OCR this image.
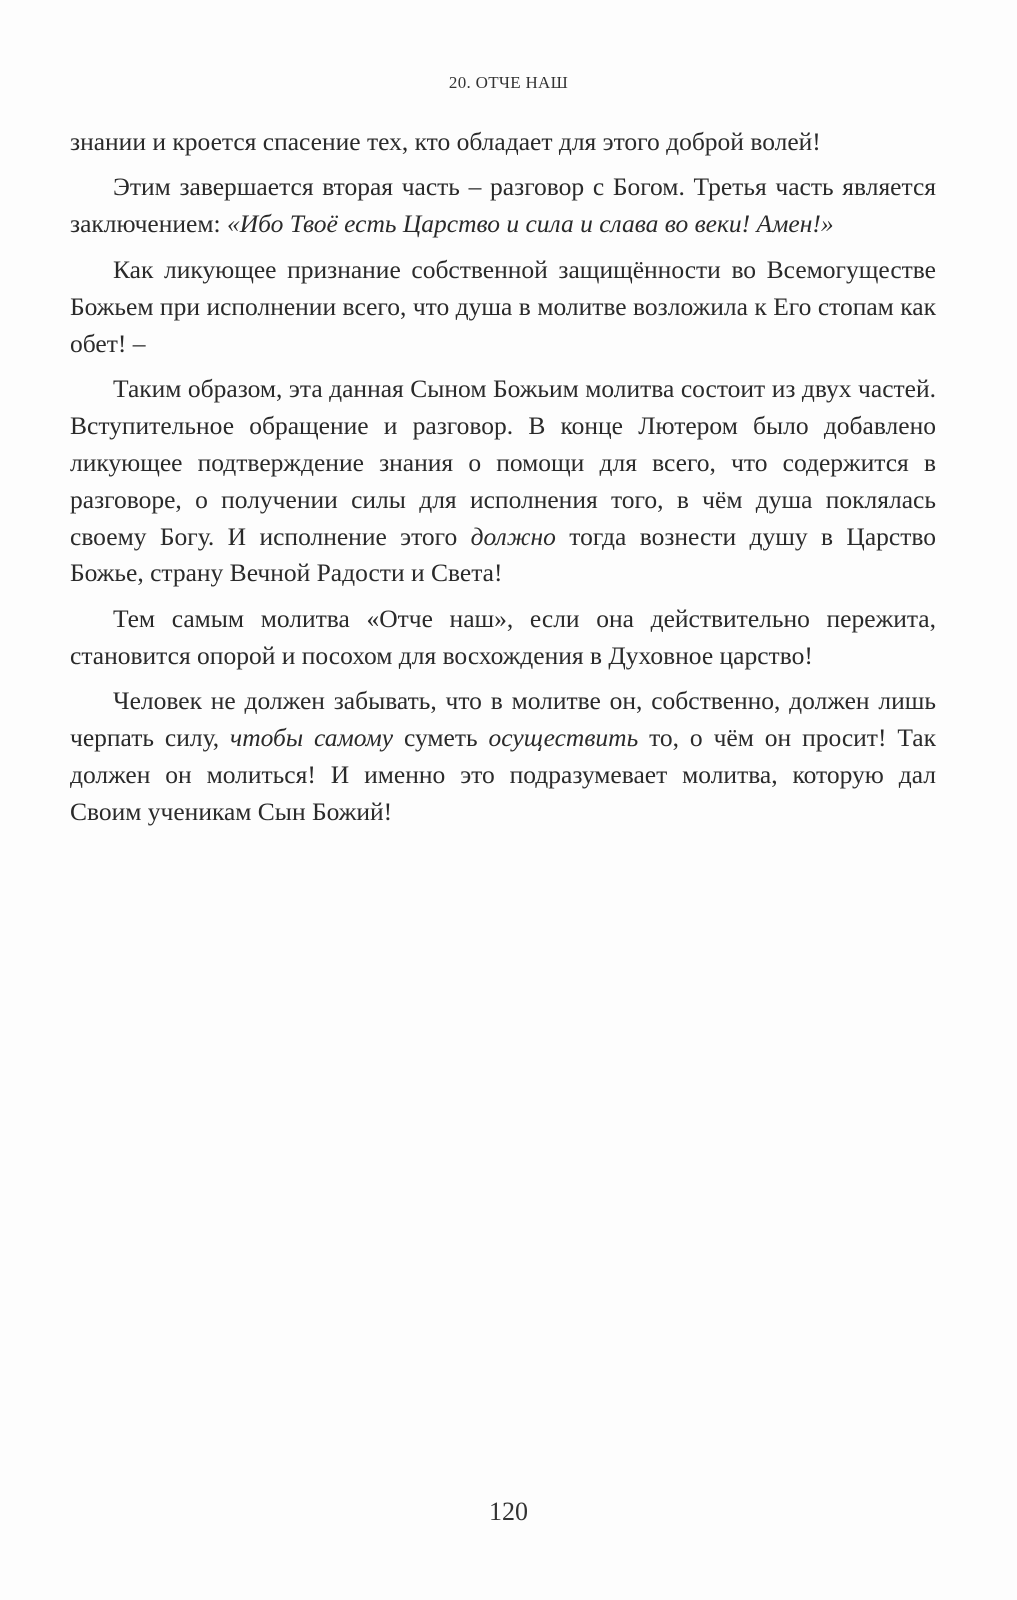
20. ОТЧЕ НАШ

знании и кроется спасение тех, кто обладает для этого доброй волей!

Этим завершается вторая часть – разговор с Богом. Третья часть является заключением: «Ибо Твоё есть Царство и сила и слава во веки! Амен!»

Как ликующее признание собственной защищённости во Всемогуществе Божьем при исполнении всего, что душа в молитве возложила к Его стопам как обет! –

Таким образом, эта данная Сыном Божьим молитва состоит из двух частей. Вступительное обращение и разговор. В конце Лютером было добавлено ликующее подтверждение знания о помощи для всего, что содержится в разговоре, о получении силы для исполнения того, в чём душа поклялась своему Богу. И исполнение этого должно тогда вознести душу в Царство Божье, страну Вечной Радости и Света!

Тем самым молитва «Отче наш», если она действительно пережита, становится опорой и посохом для восхождения в Духовное царство!

Человек не должен забывать, что в молитве он, собственно, должен лишь черпать силу, чтобы самому суметь осуществить то, о чём он просит! Так должен он молиться! И именно это подразумевает молитва, которую дал Своим ученикам Сын Божий!

120
